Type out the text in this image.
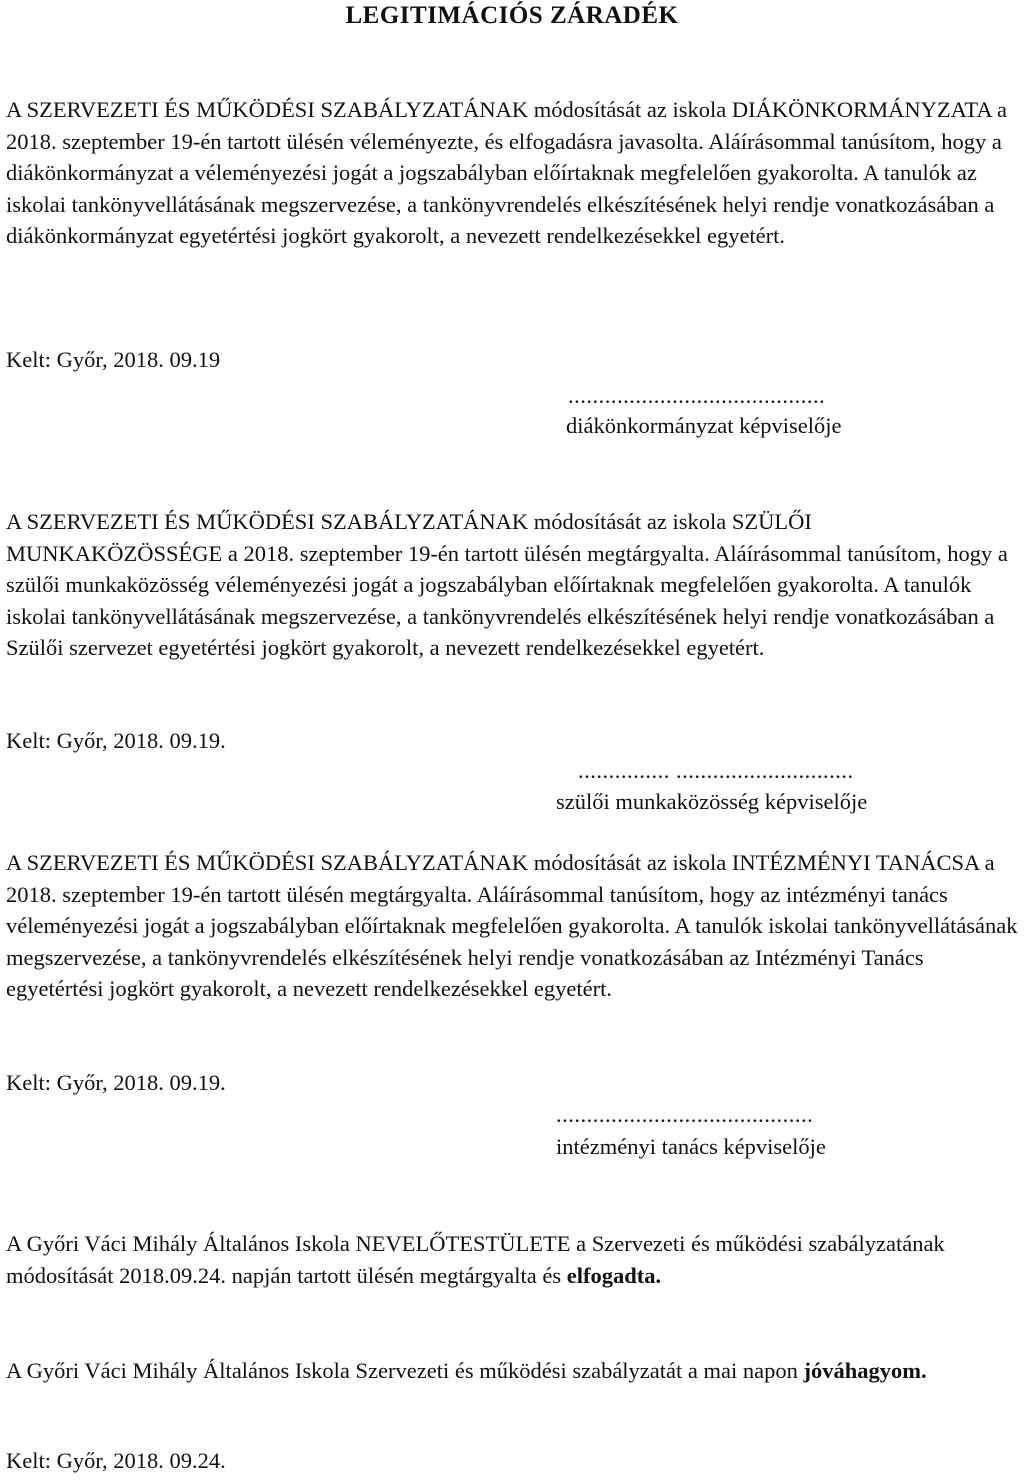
LEGITIMÁCIÓS ZÁRADÉK

A SZERVEZETI ÉS MŰKÖDÉSI SZABÁLYZATÁNAK módosítását az iskola DIÁKÖNKORMÁNYZATA a 2018. szeptember 19-én tartott ülésén véleményezte, és elfogadásra javasolta. Aláírásommal tanúsítom, hogy a diákönkormányzat a véleményezési jogát a jogszabályban előírtaknak megfelelően gyakorolta. A tanulók az iskolai tankönyvellátásának megszervezése, a tankönyvrendelés elkészítésének helyi rendje vonatkozásában a diákönkormányzat egyetértési jogkört gyakorolt, a nevezett rendelkezésekkel egyetért.

Kelt: Győr, 2018. 09.19
..........................................
diákönkormányzat képviselője

A SZERVEZETI ÉS MŰKÖDÉSI SZABÁLYZATÁNAK módosítását az iskola SZÜLŐI MUNKAKÖZÖSSÉGE a 2018. szeptember 19-én tartott ülésén megtárgyalta. Aláírásommal tanúsítom, hogy a szülői munkaközösség véleményezési jogát a jogszabályban előírtaknak megfelelően gyakorolta. A tanulók iskolai tankönyvellátásának megszervezése, a tankönyvrendelés elkészítésének helyi rendje vonatkozásában a Szülői szervezet egyetértési jogkört gyakorolt, a nevezett rendelkezésekkel egyetért.

Kelt: Győr, 2018. 09.19.
............... .............................
szülői munkaközösség képviselője

A SZERVEZETI ÉS MŰKÖDÉSI SZABÁLYZATÁNAK módosítását az iskola INTÉZMÉNYI TANÁCSA a 2018. szeptember 19-én tartott ülésén megtárgyalta. Aláírásommal tanúsítom, hogy az intézményi tanács véleményezési jogát a jogszabályban előírtaknak megfelelően gyakorolta. A tanulók iskolai tankönyvellátásának megszervezése, a tankönyvrendelés elkészítésének helyi rendje vonatkozásában az Intézményi Tanács egyetértési jogkört gyakorolt, a nevezett rendelkezésekkel egyetért.

Kelt: Győr, 2018. 09.19.
..........................................
intézményi tanács képviselője

A Győri Váci Mihály Általános Iskola NEVELŐTESTÜLETE a Szervezeti és működési szabályzatának módosítását 2018.09.24. napján tartott ülésén megtárgyalta és elfogadta.

A Győri Váci Mihály Általános Iskola Szervezeti és működési szabályzatát a mai napon jóváhagyom.

Kelt: Győr, 2018. 09.24.
